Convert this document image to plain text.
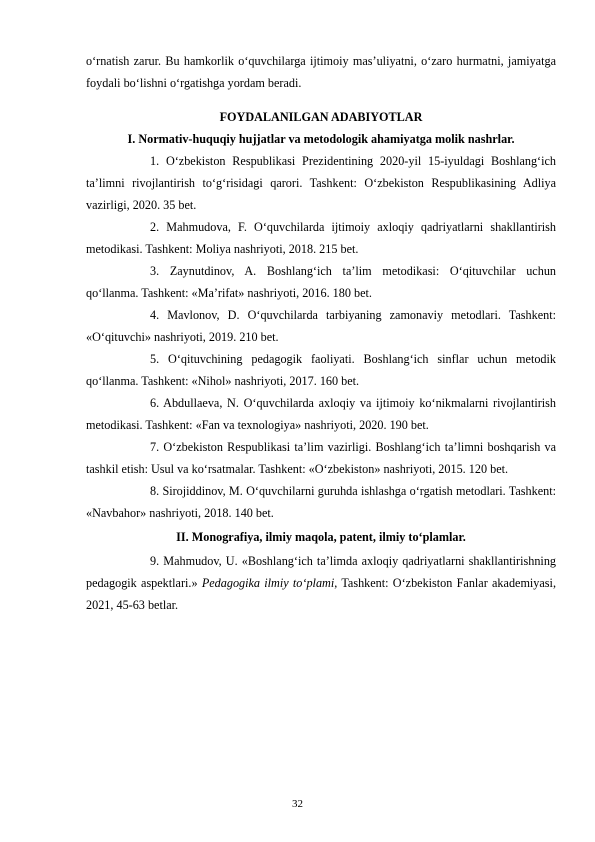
o‘rnatish zarur. Bu hamkorlik o‘quvchilarga ijtimoiy mas’uliyatni, o‘zaro hurmatni, jamiyatga foydali bo‘lishni o‘rgatishga yordam beradi.

FOYDALANILGAN ADABIYOTLAR

I. Normativ-huquqiy hujjatlar va metodologik ahamiyatga molik nashrlar.

1. O‘zbekiston Respublikasi Prezidentining 2020-yil 15-iyuldagi Boshlang‘ich ta’limni rivojlantirish to‘g‘risidagi qarori. Tashkent: O‘zbekiston Respublikasining Adliya vazirligi, 2020. 35 bet.

2. Mahmudova, F. O‘quvchilarda ijtimoiy axloqiy qadriyatlarni shakllantirish metodikasi. Tashkent: Moliya nashriyoti, 2018. 215 bet.

3. Zaynutdinov, A. Boshlang‘ich ta’lim metodikasi: O‘qituvchilar uchun qo‘llanma. Tashkent: «Ma’rifat» nashriyoti, 2016. 180 bet.

4. Mavlonov, D. O‘quvchilarda tarbiyaning zamonaviy metodlari. Tashkent: «O‘qituvchi» nashriyoti, 2019. 210 bet.

5. O‘qituvchining pedagogik faoliyati. Boshlang‘ich sinflar uchun metodik qo‘llanma. Tashkent: «Nihol» nashriyoti, 2017. 160 bet.

6. Abdullaeva, N. O‘quvchilarda axloqiy va ijtimoiy ko‘nikmalarni rivojlantirish metodikasi. Tashkent: «Fan va texnologiya» nashriyoti, 2020. 190 bet.

7. O‘zbekiston Respublikasi ta’lim vazirligi. Boshlang‘ich ta’limni boshqarish va tashkil etish: Usul va ko‘rsatmalar. Tashkent: «O‘zbekiston» nashriyoti, 2015. 120 bet.

8. Sirojiddinov, M. O‘quvchilarni guruhda ishlashga o‘rgatish metodlari. Tashkent: «Navbahor» nashriyoti, 2018. 140 bet.

II. Monografiya, ilmiy maqola, patent, ilmiy to‘plamlar.

9. Mahmudov, U. «Boshlang‘ich ta’limda axloqiy qadriyatlarni shakllantirishning pedagogik aspektlari.» Pedagogika ilmiy to‘plami, Tashkent: O‘zbekiston Fanlar akademiyasi, 2021, 45-63 betlar.

32
